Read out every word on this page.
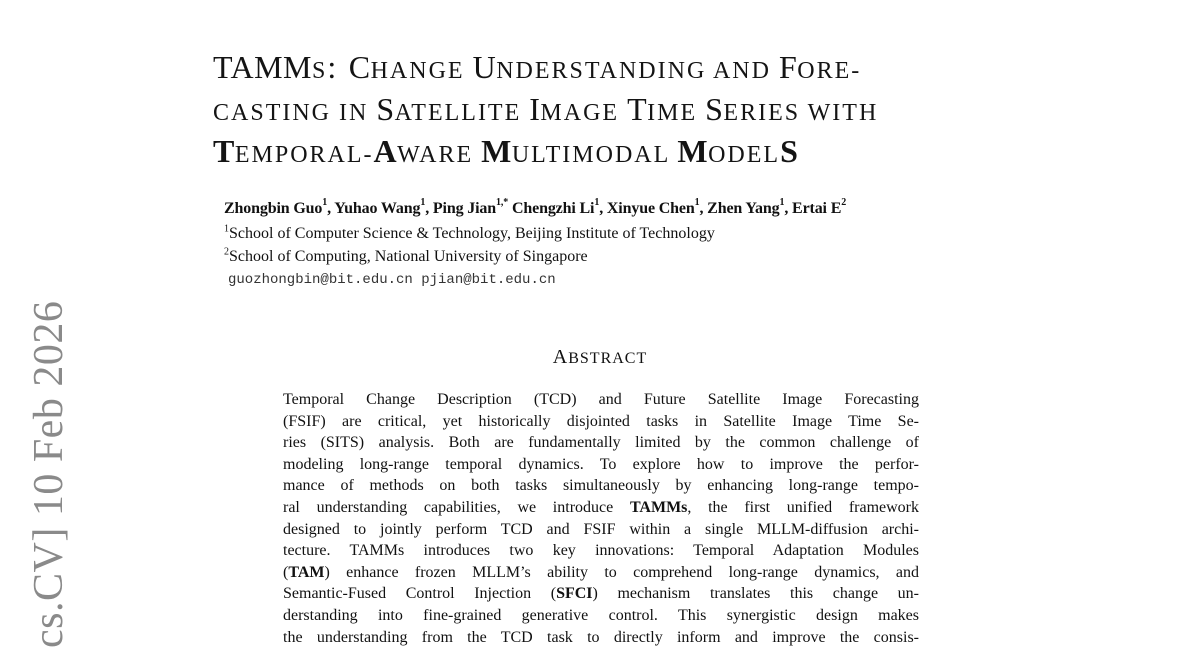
TAMMS: CHANGE UNDERSTANDING AND FORE-
CASTING IN SATELLITE IMAGE TIME SERIES WITH
TEMPORAL-AWARE MULTIMODAL MODELS
Zhongbin Guo$^1$, Yuhao Wang$^1$, Ping Jian$^{1,*}$ Chengzhi Li$^1$, Xinyue Chen$^1$, Zhen Yang$^1$, Ertai $E^2$
$^1$School of Computer Science & Technology, Beijing Institute of Technology
$^2$School of Computing, National University of Singapore
guozhongbin@bit.edu.cn pjian@bit.edu.cn
cs.CV] 10 Feb 2026	ABSTRACT
Temporal Change Description (TCD) and Future Satellite Image Forecasting
(FSIF) are critical, yet historically disjointed tasks in Satellite Image Time Se-
ries (SITS) analysis. Both are fundamentally limited by the common challenge of
modeling long-range temporal dynamics. To explore how to improve the perfor-
mance of methods on both tasks simultaneously by enhancing long-range tempo-
ral understanding capabilities, we introduce TAMMs, the first unified framework
designed to jointly perform TCD and FSIF within a single MLLM-diffusion archi-
tecture. TAMMs introduces two key innovations: Temporal Adaptation Modules
(TAM) enhance frozen MLLM’s ability to comprehend long-range dynamics, and
Semantic-Fused Control Injection (SFCI) mechanism translates this change un-
derstanding into fine-grained generative control. This synergistic design makes
the understanding from the TCD task to directly inform and improve the consis-
